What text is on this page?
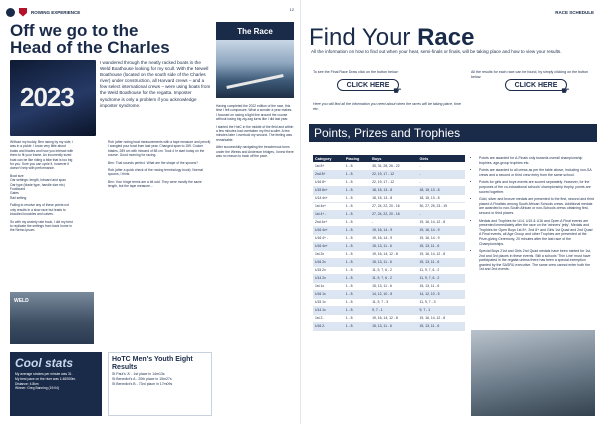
ROWING EXPERIENCE	12
Off we go to the
Head of the Charles
2023
I wandered through the neatly racked boats in the Weld Boathouse looking for my scull. With the Newell Boathouse (located on the south side of the Charles river) under construction, all Harvard crews – and a few select international crews – were using boats from the Weld Boathouse for the regatta. Imposter syndrome is only a problem if you acknowledge imposter syndrome.

Without my buddy, Ben racing by my side, I was in a pickle. I know very little about boats and blades and how you interact with them to fit your frame. An incorrectly sized boat can be like riding a bike that is too big for you. Sure you can cycle it, however it doesn't help with performance.

Boat size
Oar settings: length, inboard and span
Oar type (blade type, handle size etc)
Footboard
Gates
Rail setting

Falling to resolve any of these points not only results in a slow race but leads to bloodied knuckles and calves.

So with my anxiety rate book, I did my best to replicate the settings from back home in the Nemo-Ipsum.

Rob (after noting boat measurements with a tape measure and pencil): I wangled your boat from last year. Changed span to 159. Cocker blades, 289 cm with inboard of 88 cm. Took 4 hr start today on the course. Good morning for racing.

Ben: That sounds perfect. What are the shape of the spoons?

Rob (after a quick check of the rowing terminology book): Normal spoons, I think.

Ben: Your hinge terms are a bit odd. They were mostly the same length, but the tape measure...

The Race

Having completed the 2022 edition of the race, this time I felt composure. What a wonder a year makes. I focused on racing a tight line around the course without losing big zig-zag turns like I did last year.

I started the HotC in the middle of the field and within a few minutes had overtaken my first sculler. A few minutes later I overtook my second. The feeling was remarkable.

After successfully navigating the treacherous turns under the Weeks and Anderson bridges, I knew there was no reason to back off the pace.

WELD
Cool stats
My average strokes per minute was 31.
My best pace on the river was 1:48/500m.
Distance: 4.8km
Winner: Greg Banning (19:04)
HoTC Men's Youth Eight Results
St Paul's 'A' - 1st place in 14m13s
St Benedict's A - 20th place in 15m27s
St Benedict's B - 73rd place in 17m09s
RACE SCHEDULE
Find Your Race
All the information on how to find out when your heat, semi-finals or finals, will be taking place and how to view your results.
To see the Final Race Draw click on the button below:	All the results for each race can be found, by simply clicking on the button below:
CLICK HERE
☛
CLICK HERE
☛
Here you will find all the information you need about when the races will be taking place, time etc.
Points, Prizes and Trophies
Category	Placing	Boys	Girls
1st 8+	1 - 8	35, 31, 28, 26 - 22	-
2nd 8+	1 - 8	22, 19, 17 - 12	-
U16 8+	1 - 8	22, 19, 17 - 12	-
U15 8x+	1 - 8	18, 15, 13 - 8	18, 15, 13 - 8
U14 4x+	1 - 8	18, 15, 13 - 8	18, 15, 13 - 8
1st 4x+	1 - 8	27, 24, 22, 20 - 16	30, 27, 25, 23 - 19
1st 4+ -	1 - 8	27, 24, 22, 20 - 16	-
2nd 4x+	1 - 8	-	19, 16, 14, 12 - 8
U16 4x+	1 - 8	19, 16, 14 - 9	19, 16, 14 - 9
U16 4+ -	1 - 8	19, 16, 14 - 9	19, 16, 14 - 9
U16 4x+	1 - 8	15, 13, 11 - 6	15, 13, 11 - 6
1st 2x	1 - 8	19, 16, 14, 12 - 8	19, 16, 14, 12 - 8
U16 2x	1 - 8	15, 13, 11 - 6	15, 13, 11 - 6
U15 2x	1 - 8	11, 9, 7, 6 - 2	11, 9, 7, 6 - 2
U14 2x	1 - 8	11, 9, 7, 6 - 2	11, 9, 7, 6 - 2
1st 1x	1 - 8	15, 13, 11 - 6	15, 13, 11 - 6
U16 1x	1 - 8	14, 12, 10 - 5	14, 12, 10 - 5
U15 1x	1 - 8	11, 9, 7 - 3	11, 9, 7 - 3
U14 1x	1 - 8	9, 7 - 1	9, 7 - 1
1st 2-	1 - 8	19, 16, 14, 12 - 8	19, 16, 14, 12 - 8
U16 2-	1 - 8	15, 13, 11 - 6	15, 13, 11 - 6
• Points are awarded for A-Finals only towards overall championship trophies, age-group trophies etc.
• Points are awarded to all crews as per the table above, including non-SA crews and a second or third crew entry from the same school.
• Points for girls and boys events are scored separately. However, for the purposes of the co-educational schools' championship trophy, points are scored together.
• Gold, silver and bronze medals are presented to the first, second and third placed A Finalists among South African Schools crews. Additional medals are awarded to non-South African or non-Schools crews obtaining first, second or third places.
• Medals and Trophies for U14, U15 & U16 and Open A Final events are presented immediately after the race on the 'winners' jetty'. Medals and Trophies for Open Boys 1st 8+, 2nd 8+ and Girls 1st Quad and 2nd Quad A Final events, all Age Group and other Trophies are presented at the Prize-giving Ceremony, 20 minutes after the last race of the Championships.
• Special Boys 21st and Girls 2nd Quad medals have been minted for 1st, 2nd and 3rd places in these events. Still a schools 'Thin Line' must have participated in the regatta unless there has been a special exemption granted by the SASRU executive. The same crew cannot enter both the 1st and 2nd events.
